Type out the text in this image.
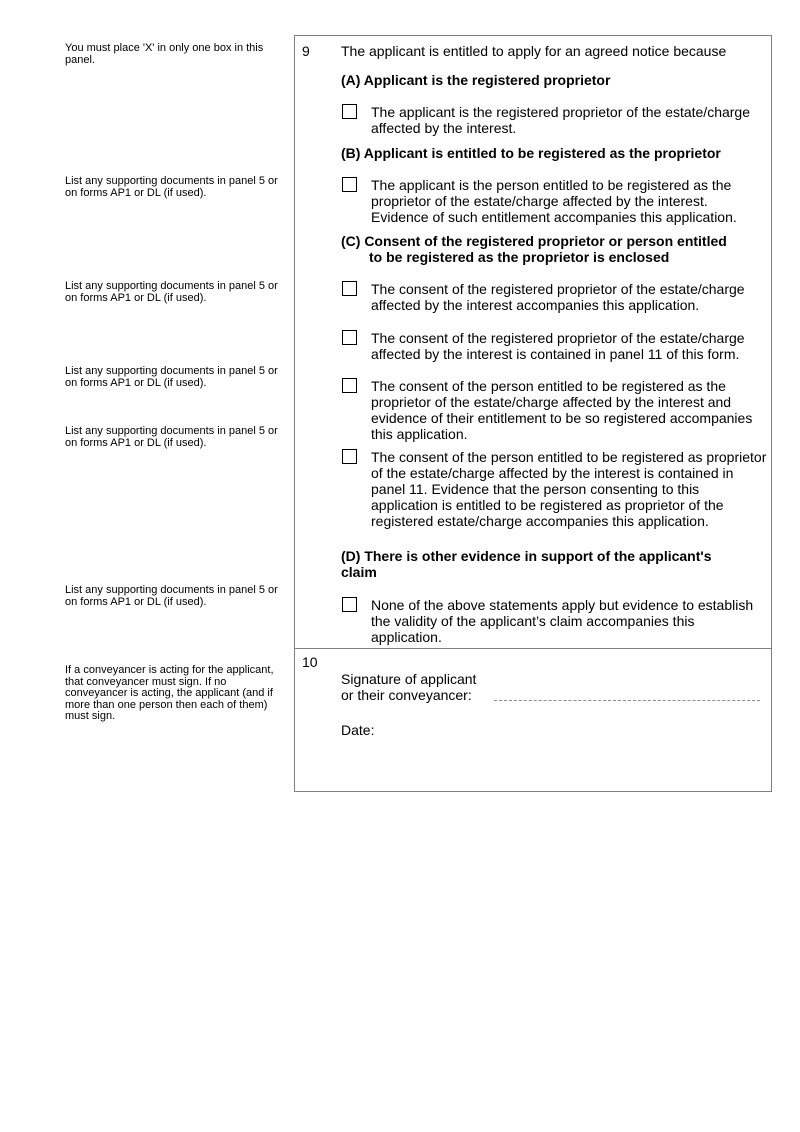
You must place 'X' in only one box in this panel.
List any supporting documents in panel 5 or on forms AP1 or DL (if used).
List any supporting documents in panel 5 or on forms AP1 or DL (if used).
List any supporting documents in panel 5 or on forms AP1 or DL (if used).
List any supporting documents in panel 5 or on forms AP1 or DL (if used).
List any supporting documents in panel 5 or on forms AP1 or DL (if used).
If a conveyancer is acting for the applicant, that conveyancer must sign. If no conveyancer is acting, the applicant (and if more than one person then each of them) must sign.
9 The applicant is entitled to apply for an agreed notice because
(A) Applicant is the registered proprietor
The applicant is the registered proprietor of the estate/charge affected by the interest.
(B) Applicant is entitled to be registered as the proprietor
The applicant is the person entitled to be registered as the proprietor of the estate/charge affected by the interest. Evidence of such entitlement accompanies this application.
(C) Consent of the registered proprietor or person entitled
to be registered as the proprietor is enclosed
The consent of the registered proprietor of the estate/charge affected by the interest accompanies this application.
The consent of the registered proprietor of the estate/charge affected by the interest is contained in panel 11 of this form.
The consent of the person entitled to be registered as the proprietor of the estate/charge affected by the interest and evidence of their entitlement to be so registered accompanies this application.
The consent of the person entitled to be registered as proprietor of the estate/charge affected by the interest is contained in panel 11. Evidence that the person consenting to this application is entitled to be registered as proprietor of the registered estate/charge accompanies this application.
(D) There is other evidence in support of the applicant's claim
None of the above statements apply but evidence to establish the validity of the applicant’s claim accompanies this application.
10
Signature of applicant
or their conveyancer:
Date:
